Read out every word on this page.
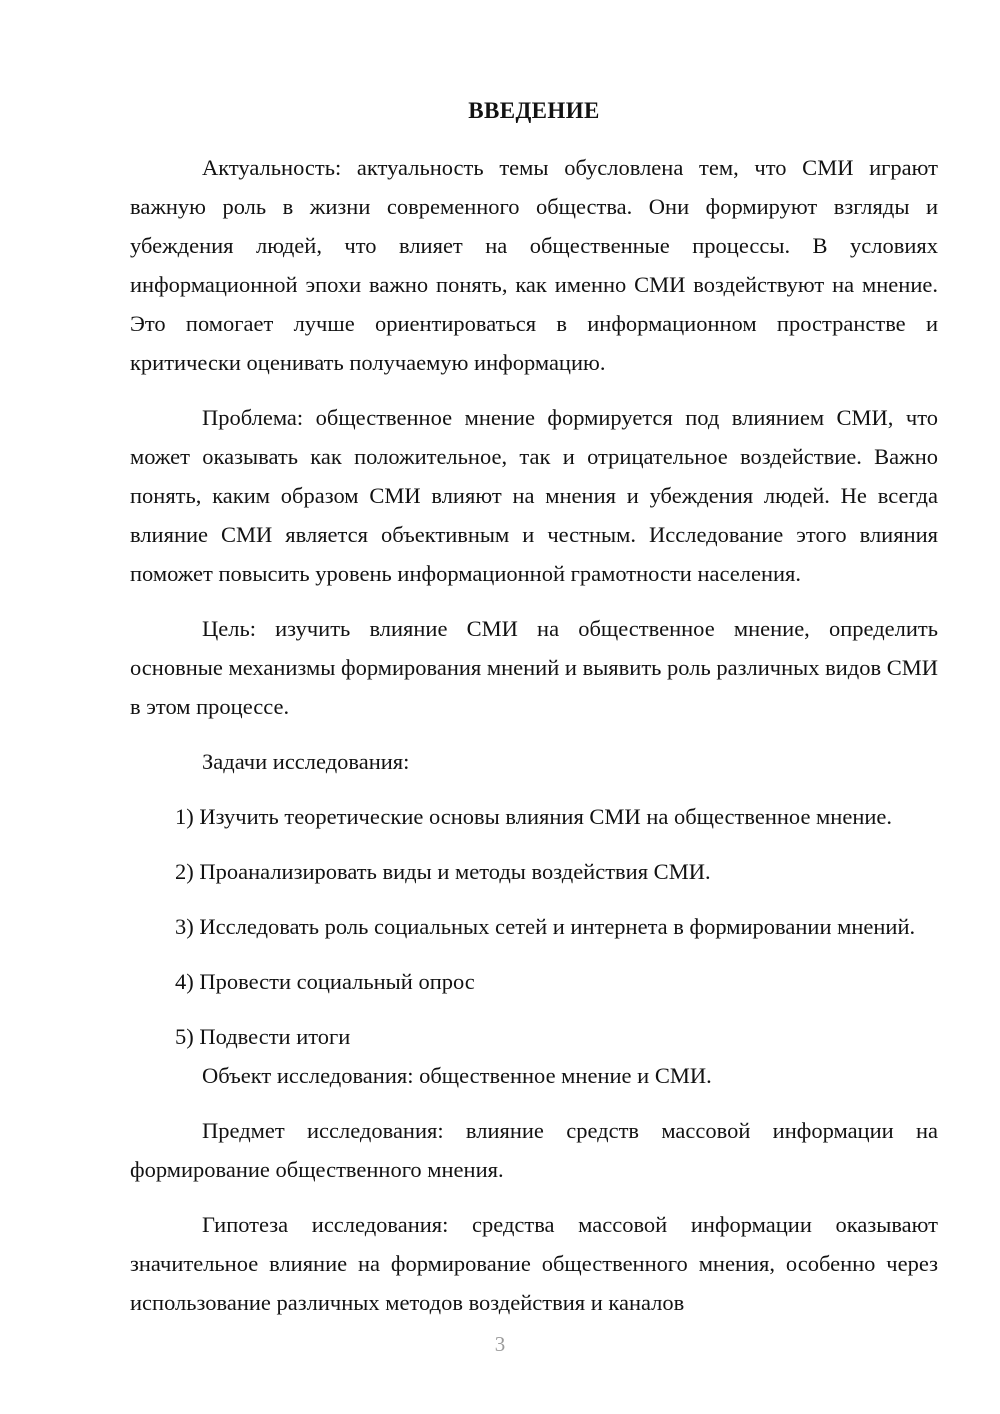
ВВЕДЕНИЕ

Актуальность: актуальность темы обусловлена тем, что СМИ играют важную роль в жизни современного общества. Они формируют взгляды и убеждения людей, что влияет на общественные процессы. В условиях информационной эпохи важно понять, как именно СМИ воздействуют на мнение. Это помогает лучше ориентироваться в информационном пространстве и критически оценивать получаемую информацию.

Проблема: общественное мнение формируется под влиянием СМИ, что может оказывать как положительное, так и отрицательное воздействие. Важно понять, каким образом СМИ влияют на мнения и убеждения людей. Не всегда влияние СМИ является объективным и честным. Исследование этого влияния поможет повысить уровень информационной грамотности населения.

Цель: изучить влияние СМИ на общественное мнение, определить основные механизмы формирования мнений и выявить роль различных видов СМИ в этом процессе.

Задачи исследования:

1) Изучить теоретические основы влияния СМИ на общественное мнение.

2) Проанализировать виды и методы воздействия СМИ.

3) Исследовать роль социальных сетей и интернета в формировании мнений.

4) Провести социальный опрос

5) Подвести итоги

Объект исследования: общественное мнение и СМИ.

Предмет исследования: влияние средств массовой информации на формирование общественного мнения.

Гипотеза исследования: средства массовой информации оказывают значительное влияние на формирование общественного мнения, особенно через использование различных методов воздействия и каналов

3
